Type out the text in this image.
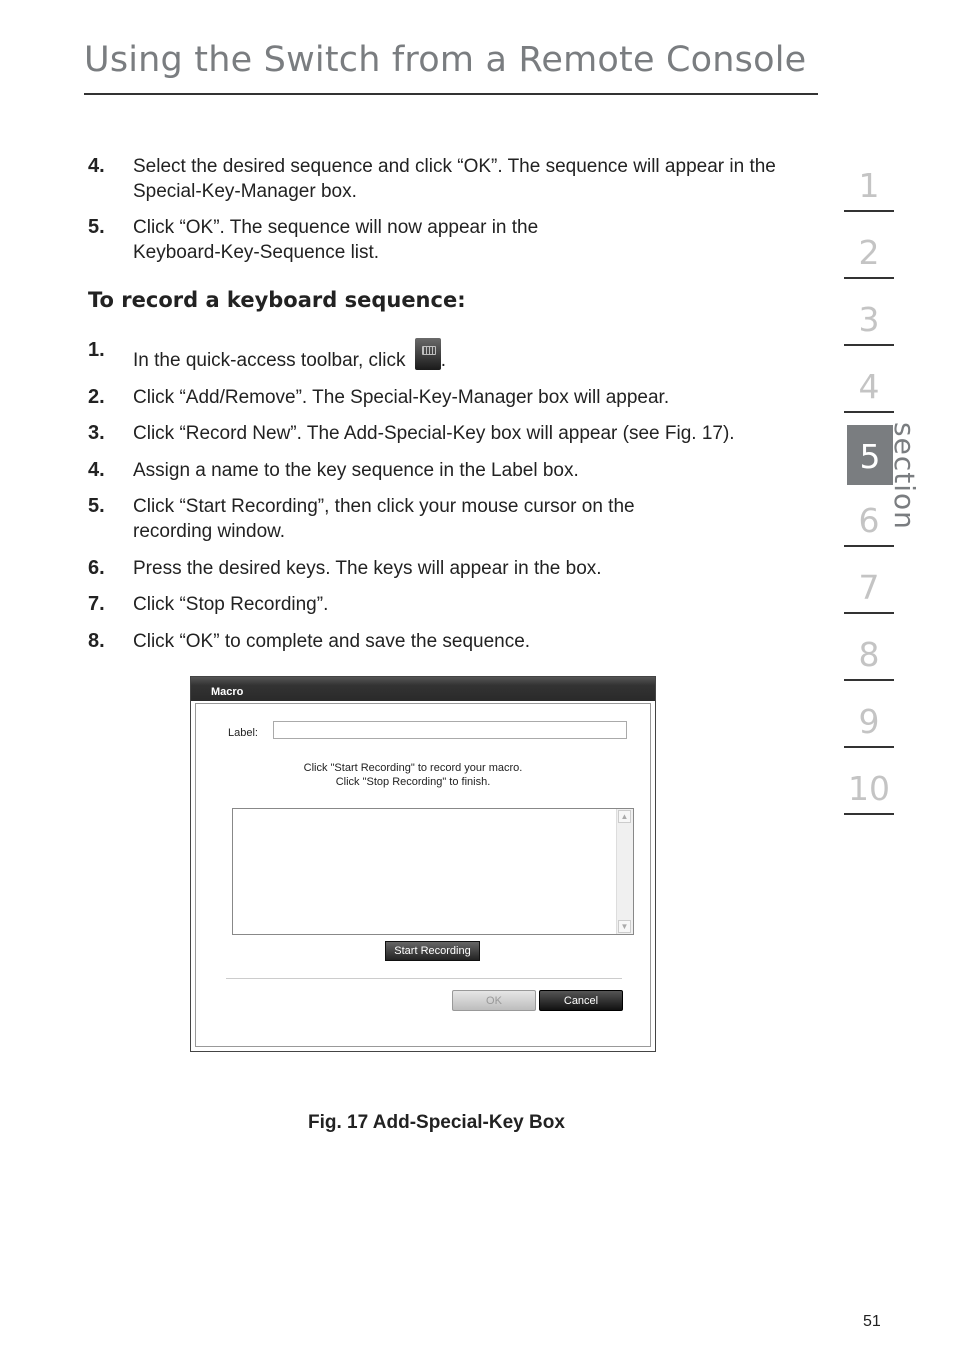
Using the Switch from a Remote Console
4. Select the desired sequence and click “OK”. The sequence will appear in the Special-Key-Manager box.
5. Click “OK”. The sequence will now appear in the Keyboard-Key-Sequence list.
To record a keyboard sequence:
1. In the quick-access toolbar, click .
2. Click “Add/Remove”. The Special-Key-Manager box will appear.
3. Click “Record New”. The Add-Special-Key box will appear (see Fig. 17).
4. Assign a name to the key sequence in the Label box.
5. Click “Start Recording”, then click your mouse cursor on the recording window.
6. Press the desired keys. The keys will appear in the box.
7. Click “Stop Recording”.
8. Click “OK” to complete and save the sequence.
Macro
Label:
Click "Start Recording" to record your macro.
Click "Stop Recording" to finish.
▲
▼
Start Recording
OK	Cancel

Fig. 17 Add-Special-Key Box

1
2
3
4
5
6
7
8
9
10
section
51
